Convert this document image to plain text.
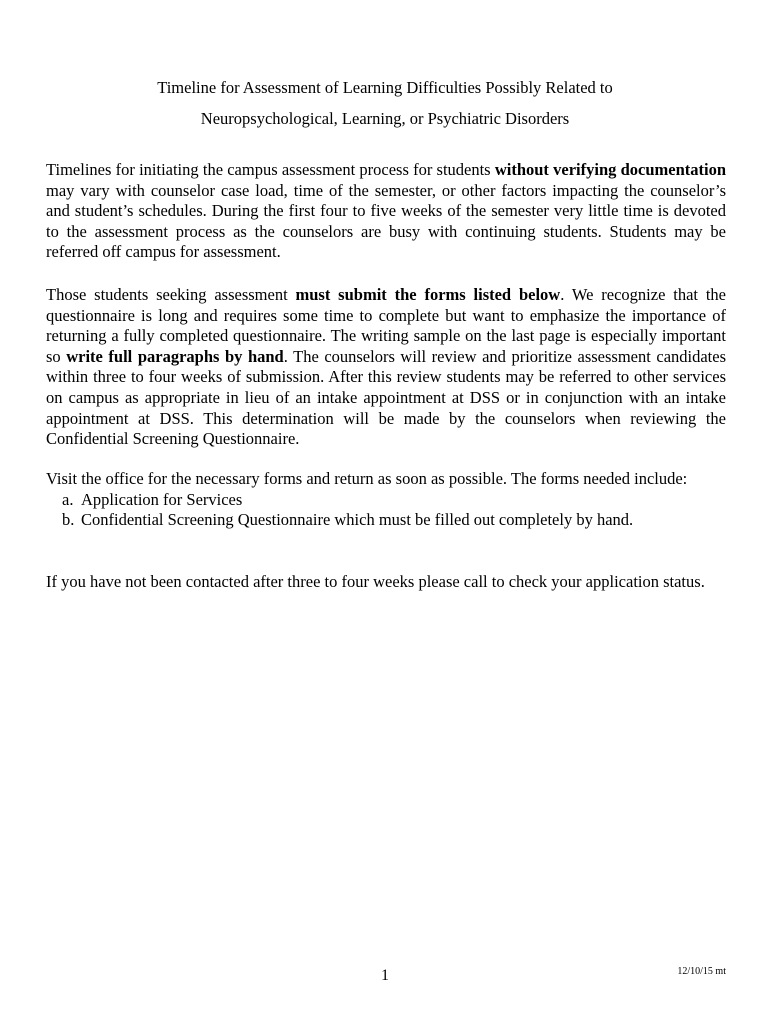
Timeline for Assessment of Learning Difficulties Possibly Related to
Neuropsychological, Learning, or Psychiatric Disorders

Timelines for initiating the campus assessment process for students without verifying documentation may vary with counselor case load, time of the semester, or other factors impacting the counselor’s and student’s schedules. During the first four to five weeks of the semester very little time is devoted to the assessment process as the counselors are busy with continuing students. Students may be referred off campus for assessment.

Those students seeking assessment must submit the forms listed below. We recognize that the questionnaire is long and requires some time to complete but want to emphasize the importance of returning a fully completed questionnaire. The writing sample on the last page is especially important so write full paragraphs by hand. The counselors will review and prioritize assessment candidates within three to four weeks of submission. After this review students may be referred to other services on campus as appropriate in lieu of an intake appointment at DSS or in conjunction with an intake appointment at DSS. This determination will be made by the counselors when reviewing the Confidential Screening Questionnaire.

Visit the office for the necessary forms and return as soon as possible. The forms needed include:
a. Application for Services
b. Confidential Screening Questionnaire which must be filled out completely by hand.

If you have not been contacted after three to four weeks please call to check your application status.

1	12/10/15 mt
